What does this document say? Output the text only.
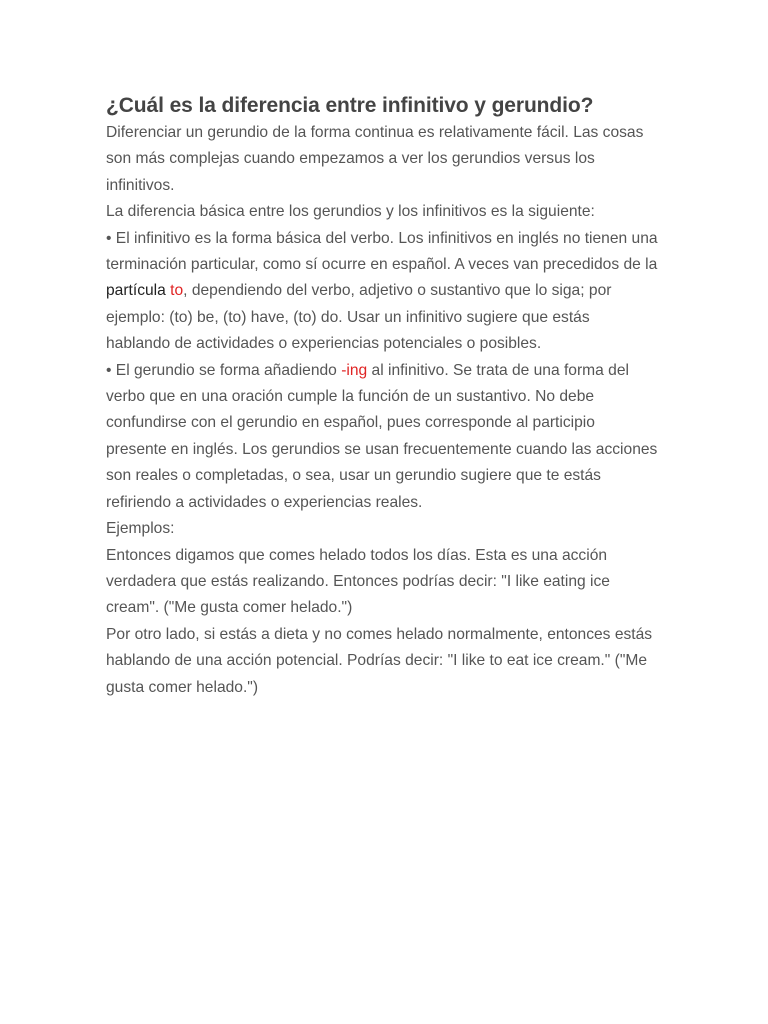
¿Cuál es la diferencia entre infinitivo y gerundio?

Diferenciar un gerundio de la forma continua es relativamente fácil. Las cosas son más complejas cuando empezamos a ver los gerundios versus los infinitivos.

La diferencia básica entre los gerundios y los infinitivos es la siguiente:

• El infinitivo es la forma básica del verbo. Los infinitivos en inglés no tienen una terminación particular, como sí ocurre en español. A veces van precedidos de la partícula to, dependiendo del verbo, adjetivo o sustantivo que lo siga; por ejemplo: (to) be, (to) have, (to) do. Usar un infinitivo sugiere que estás hablando de actividades o experiencias potenciales o posibles.

• El gerundio se forma añadiendo -ing al infinitivo. Se trata de una forma del verbo que en una oración cumple la función de un sustantivo. No debe confundirse con el gerundio en español, pues corresponde al participio presente en inglés. Los gerundios se usan frecuentemente cuando las acciones son reales o completadas, o sea, usar un gerundio sugiere que te estás refiriendo a actividades o experiencias reales.

Ejemplos:

Entonces digamos que comes helado todos los días. Esta es una acción verdadera que estás realizando. Entonces podrías decir: "I like eating ice cream". ("Me gusta comer helado.")

Por otro lado, si estás a dieta y no comes helado normalmente, entonces estás hablando de una acción potencial. Podrías decir: "I like to eat ice cream." ("Me gusta comer helado.")
